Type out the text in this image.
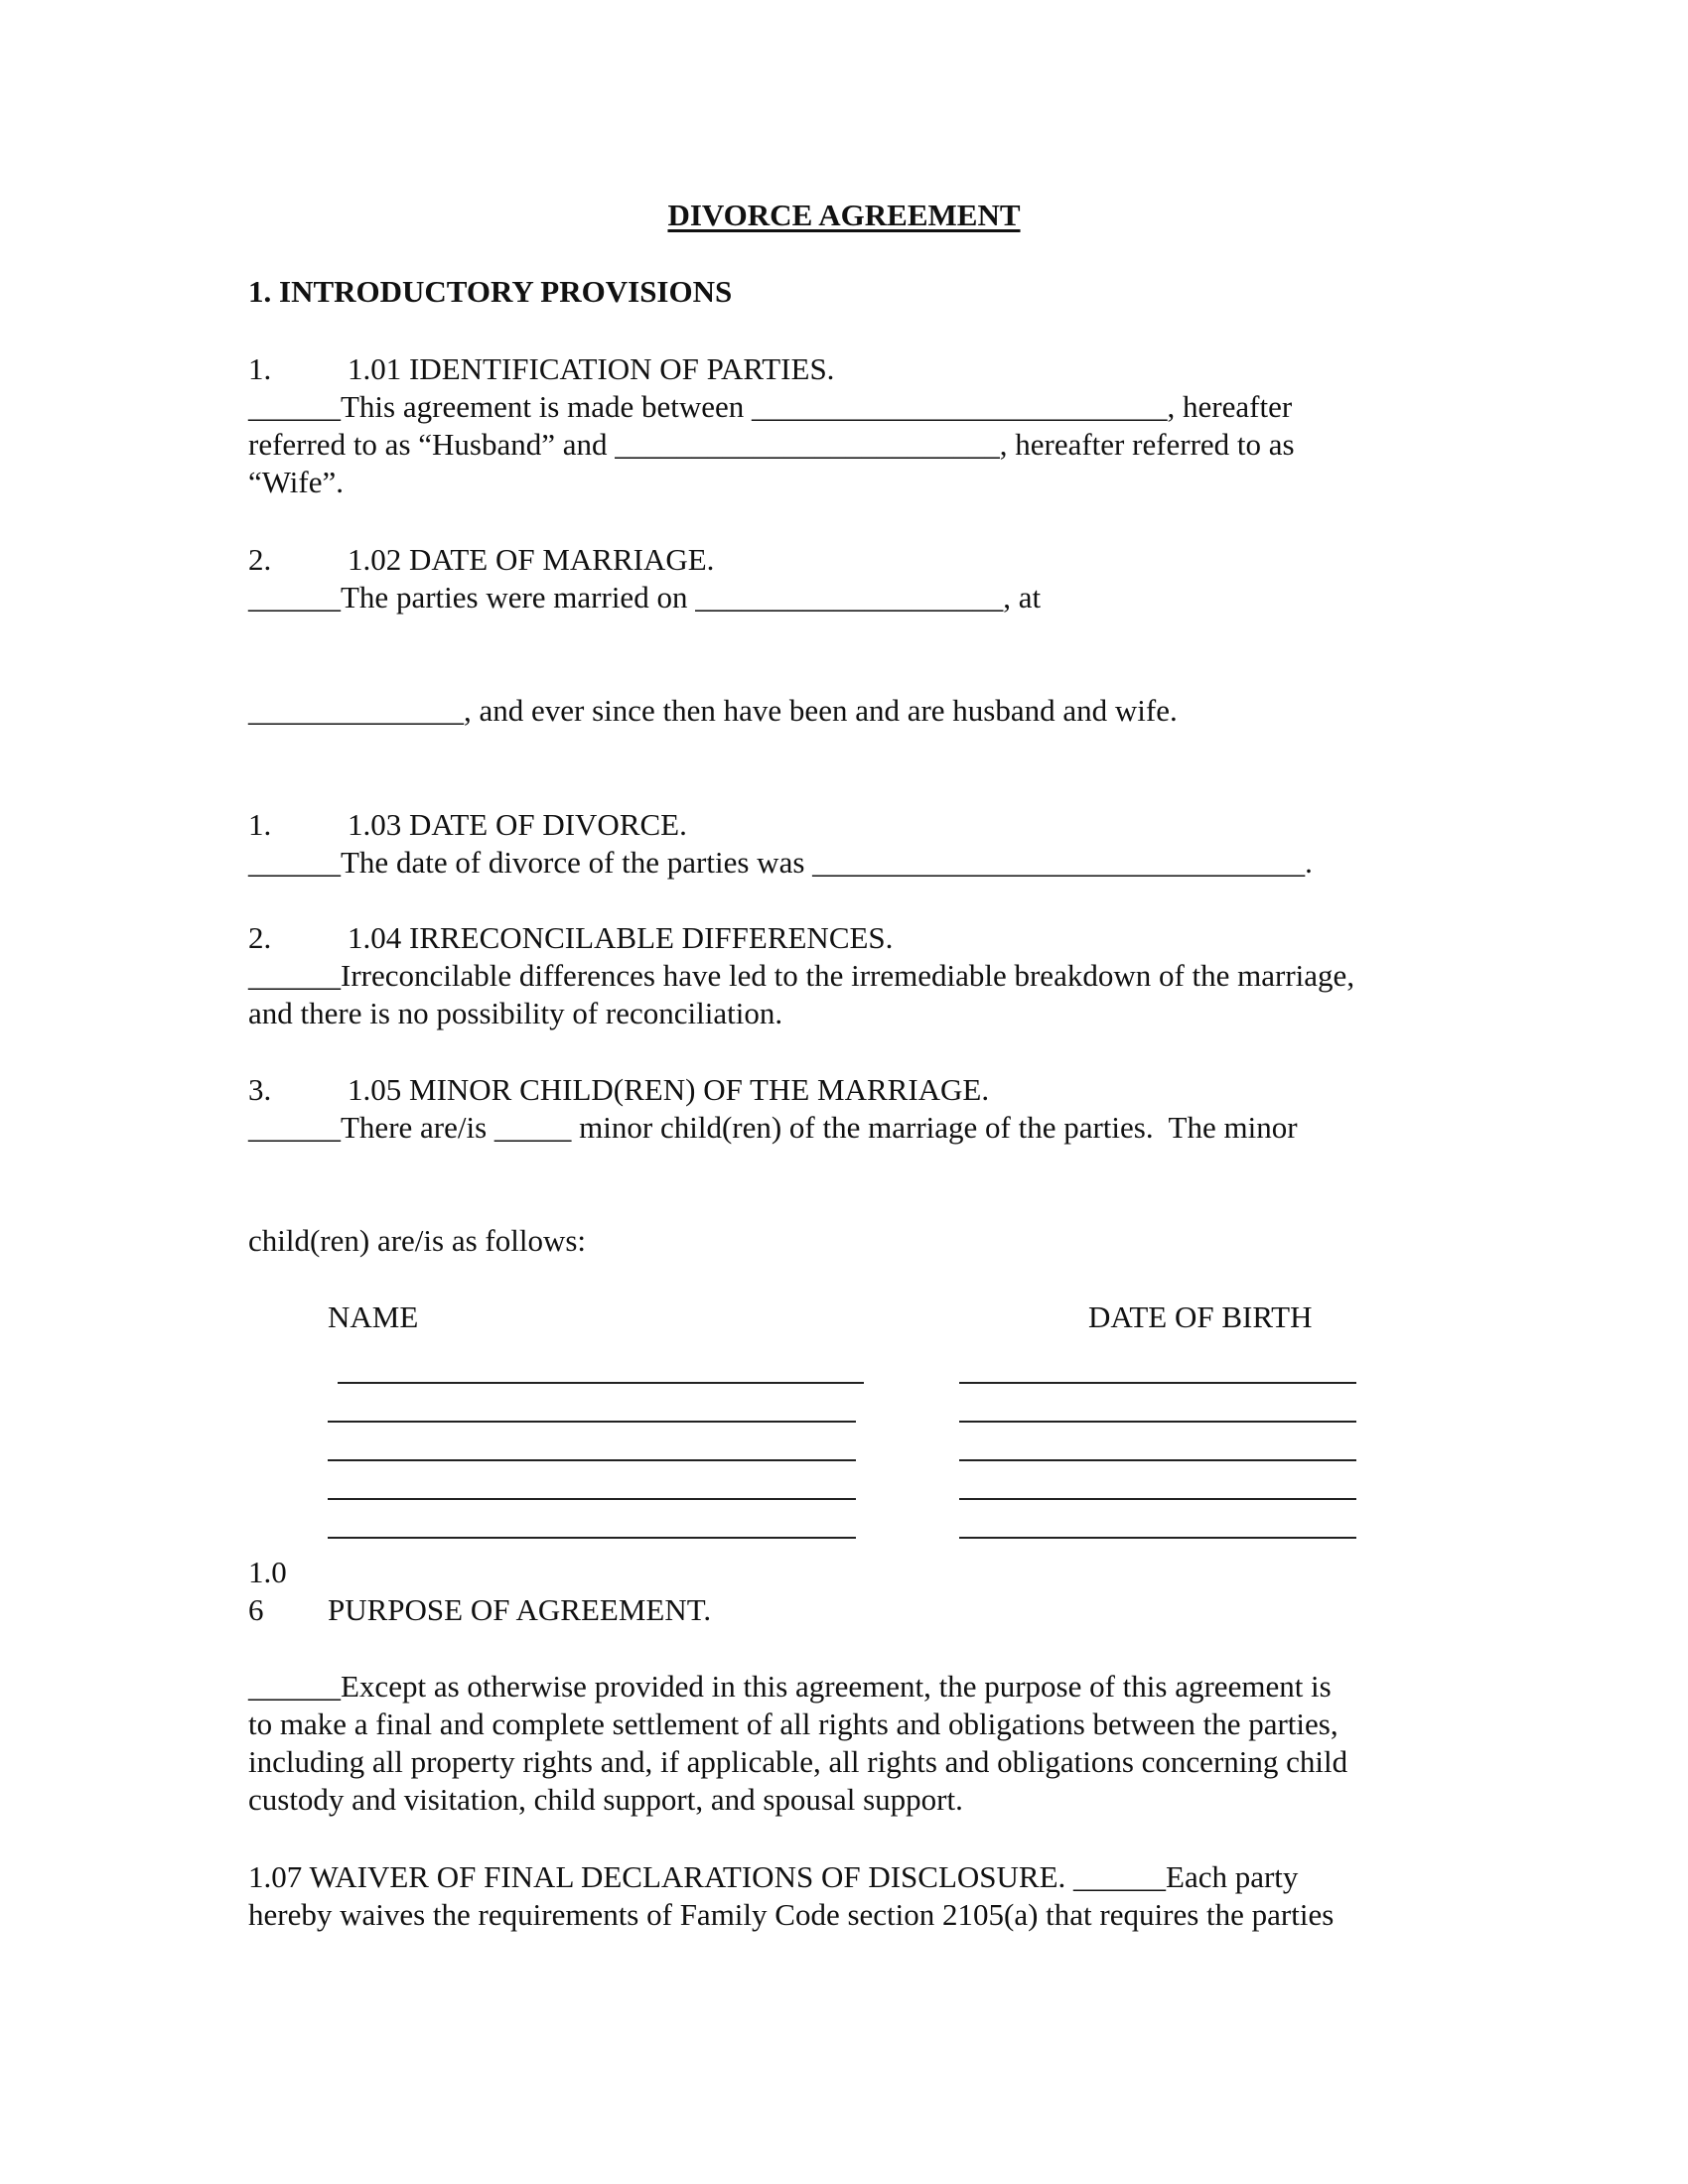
DIVORCE AGREEMENT
1. INTRODUCTORY PROVISIONS
1. 1.01 IDENTIFICATION OF PARTIES.
______This agreement is made between ___________________________, hereafter
referred to as “Husband” and _________________________, hereafter referred to as
“Wife”.
2. 1.02 DATE OF MARRIAGE.
______The parties were married on ____________________, at
______________, and ever since then have been and are husband and wife.
1. 1.03 DATE OF DIVORCE.
______The date of divorce of the parties was ________________________________.
2. 1.04 IRRECONCILABLE DIFFERENCES.
______Irreconcilable differences have led to the irremediable breakdown of the marriage,
and there is no possibility of reconciliation.
3. 1.05 MINOR CHILD(REN) OF THE MARRIAGE.
______There are/is _____ minor child(ren) of the marriage of the parties.  The minor
child(ren) are/is as follows:
NAME	DATE OF BIRTH
1.0
6 PURPOSE OF AGREEMENT.
______Except as otherwise provided in this agreement, the purpose of this agreement is
to make a final and complete settlement of all rights and obligations between the parties,
including all property rights and, if applicable, all rights and obligations concerning child
custody and visitation, child support, and spousal support.
1.07 WAIVER OF FINAL DECLARATIONS OF DISCLOSURE. ______Each party
hereby waives the requirements of Family Code section 2105(a) that requires the parties
